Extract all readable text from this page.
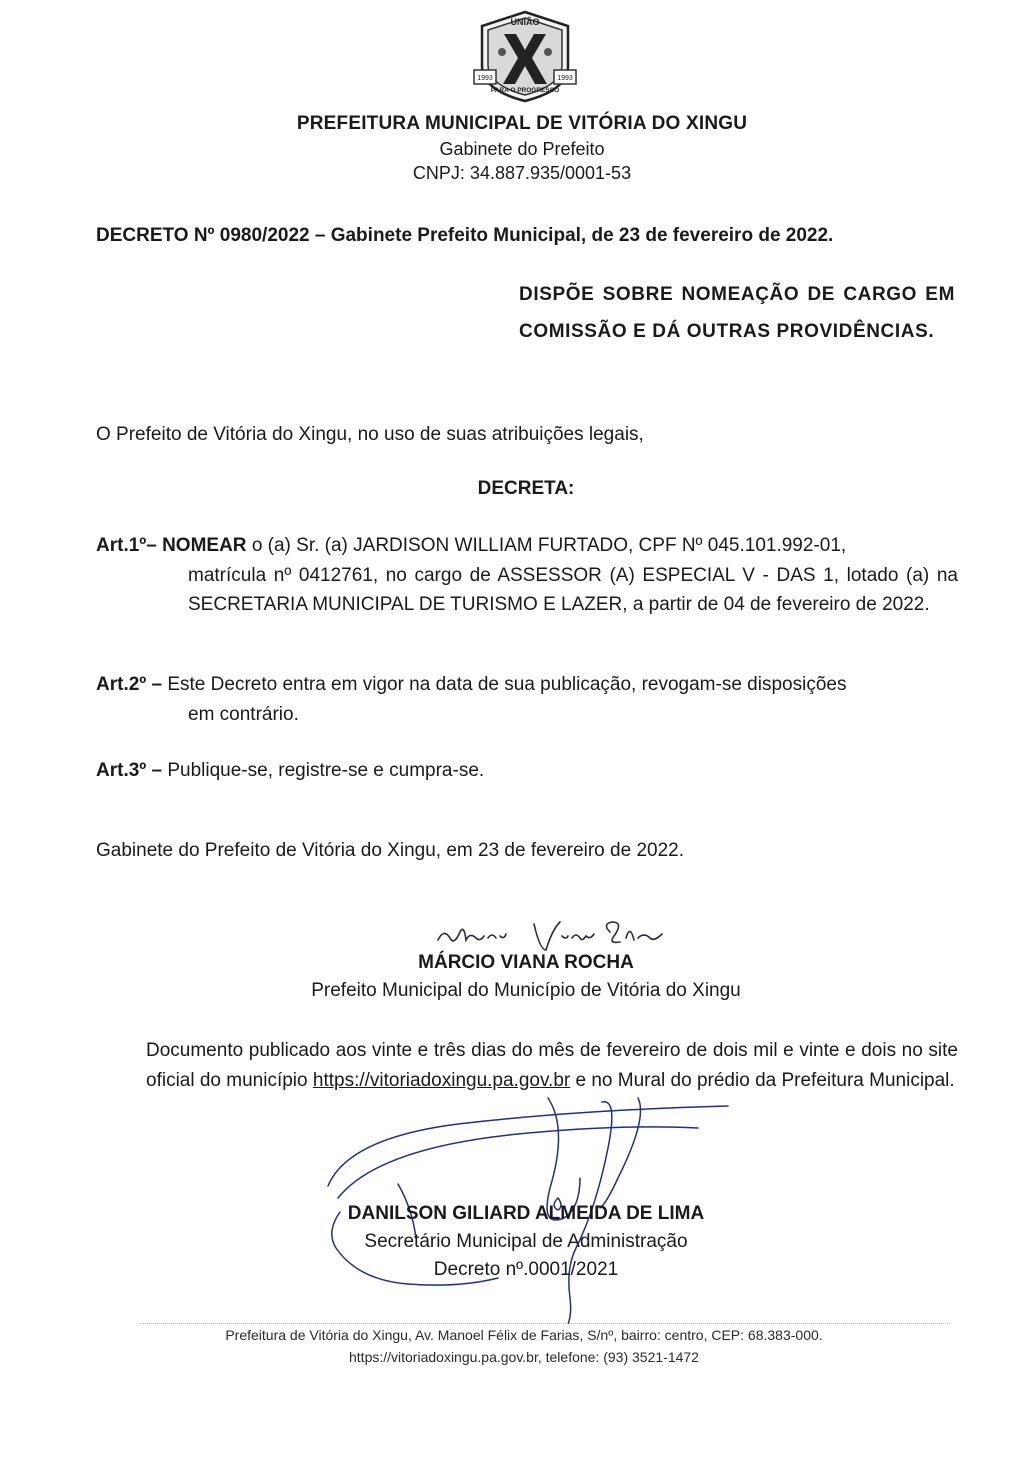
1993	1993
UNIÃO
PARA O PROGRESSO
PREFEITURA MUNICIPAL DE VITÓRIA DO XINGU
Gabinete do Prefeito
CNPJ: 34.887.935/0001-53
DECRETO Nº 0980/2022 – Gabinete Prefeito Municipal, de 23 de fevereiro de 2022.
DISPÕE SOBRE NOMEAÇÃO DE CARGO EM COMISSÃO E DÁ OUTRAS PROVIDÊNCIAS.
O Prefeito de Vitória do Xingu, no uso de suas atribuições legais,
DECRETA:
Art.1º– NOMEAR o (a) Sr. (a) JARDISON WILLIAM FURTADO, CPF Nº 045.101.992-01,
matrícula nº 0412761, no cargo de ASSESSOR (A) ESPECIAL V - DAS 1, lotado (a) na SECRETARIA MUNICIPAL DE TURISMO E LAZER, a partir de 04 de fevereiro de 2022.
Art.2º – Este Decreto entra em vigor na data de sua publicação, revogam-se disposições
em contrário.
Art.3º – Publique-se, registre-se e cumpra-se.
Gabinete do Prefeito de Vitória do Xingu, em 23 de fevereiro de 2022.
MÁRCIO VIANA ROCHA
Prefeito Municipal do Município de Vitória do Xingu
Documento publicado aos vinte e três dias do mês de fevereiro de dois mil e vinte e dois no site oficial do município https://vitoriadoxingu.pa.gov.br e no Mural do prédio da Prefeitura Municipal.
DANILSON GILIARD ALMEIDA DE LIMA
Secretário Municipal de Administração
Decreto nº.0001/2021
Prefeitura de Vitória do Xingu, Av. Manoel Félix de Farias, S/nº, bairro: centro, CEP: 68.383-000.
https://vitoriadoxingu.pa.gov.br, telefone: (93) 3521-1472
